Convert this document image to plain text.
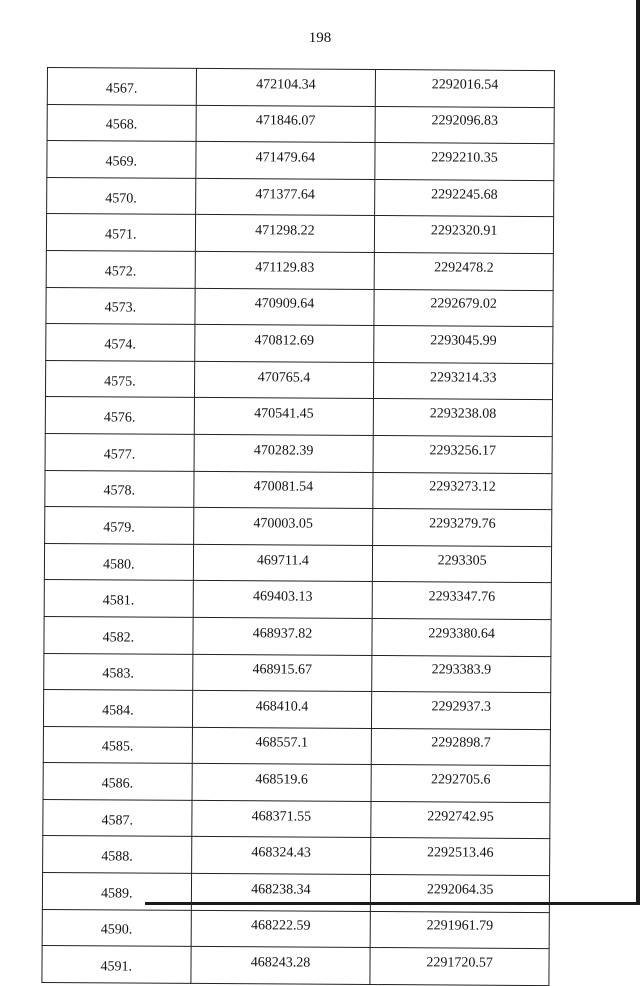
198
4567.	472104.34	2292016.54
4568.	471846.07	2292096.83
4569.	471479.64	2292210.35
4570.	471377.64	2292245.68
4571.	471298.22	2292320.91
4572.	471129.83	2292478.2
4573.	470909.64	2292679.02
4574.	470812.69	2293045.99
4575.	470765.4	2293214.33
4576.	470541.45	2293238.08
4577.	470282.39	2293256.17
4578.	470081.54	2293273.12
4579.	470003.05	2293279.76
4580.	469711.4	2293305
4581.	469403.13	2293347.76
4582.	468937.82	2293380.64
4583.	468915.67	2293383.9
4584.	468410.4	2292937.3
4585.	468557.1	2292898.7
4586.	468519.6	2292705.6
4587.	468371.55	2292742.95
4588.	468324.43	2292513.46
4589.	468238.34	2292064.35
4590.	468222.59	2291961.79
4591.	468243.28	2291720.57
